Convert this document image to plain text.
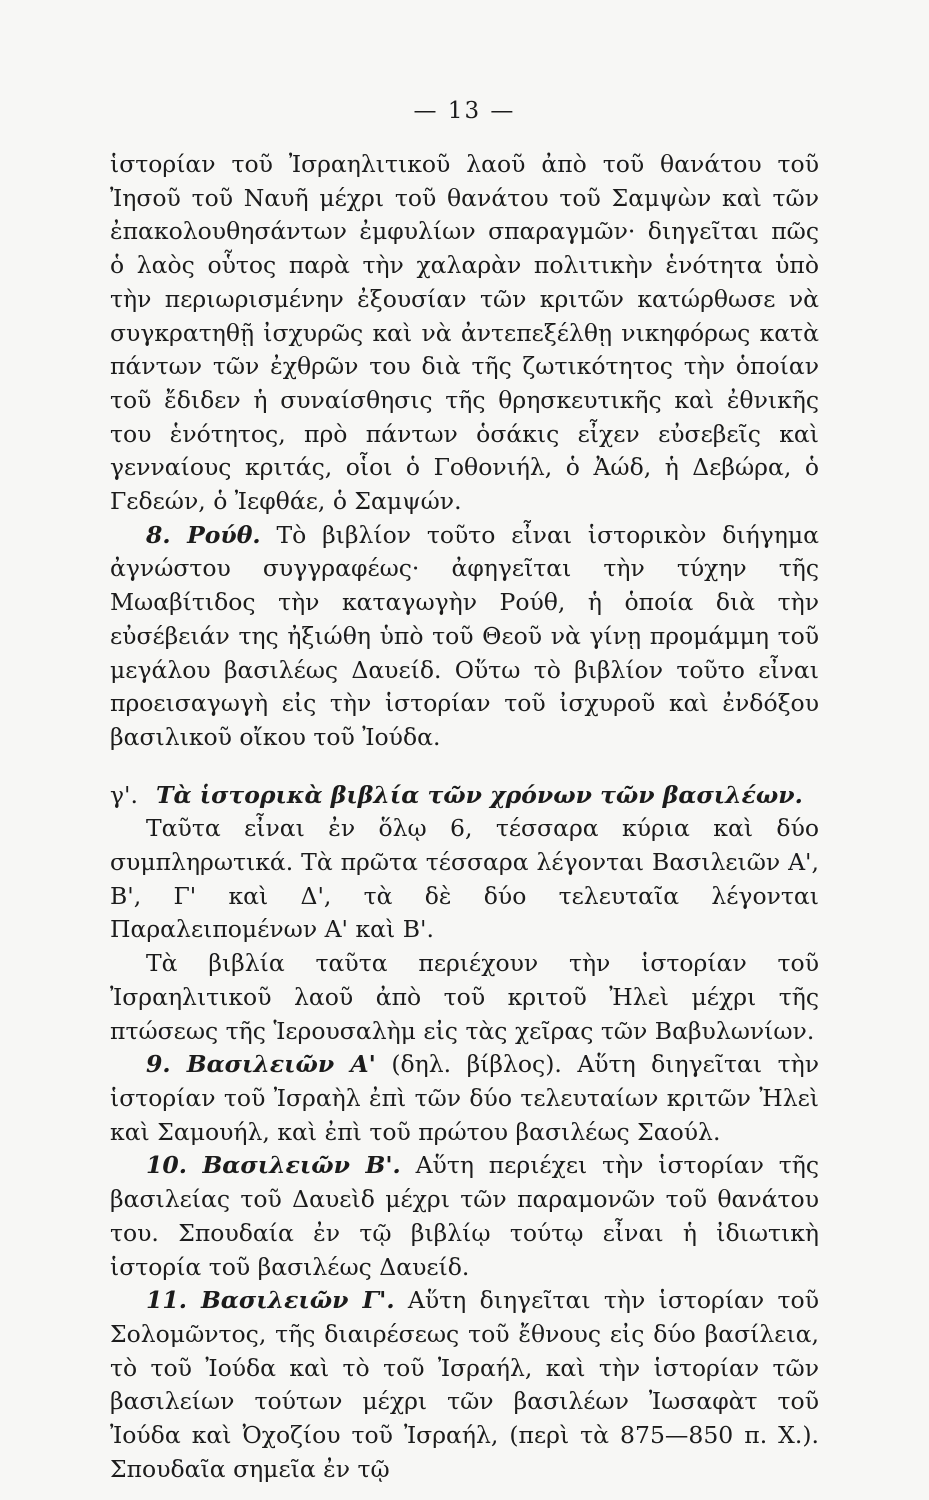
— 13 —

ἱστορίαν τοῦ Ἰσραηλιτικοῦ λαοῦ ἀπὸ τοῦ θανάτου τοῦ Ἰησοῦ τοῦ Ναυῆ μέχρι τοῦ θανάτου τοῦ Σαμψὼν καὶ τῶν ἐπακολουθησάντων ἐμφυλίων σπαραγμῶν· διηγεῖται πῶς ὁ λαὸς οὗτος παρὰ τὴν χαλαρὰν πολιτικὴν ἑνότητα ὑπὸ τὴν περιωρισμένην ἐξουσίαν τῶν κριτῶν κατώρθωσε νὰ συγκρατηθῇ ἰσχυρῶς καὶ νὰ ἀντεπεξέλθῃ νικηφόρως κατὰ πάντων τῶν ἐχθρῶν του διὰ τῆς ζωτικότητος τὴν ὁποίαν τοῦ ἔδιδεν ἡ συναίσθησις τῆς θρησκευτικῆς καὶ ἐθνικῆς του ἑνότητος, πρὸ πάντων ὁσάκις εἶχεν εὐσεβεῖς καὶ γενναίους κριτάς, οἷοι ὁ Γοθονιήλ, ὁ Ἀώδ, ἡ Δεβώρα, ὁ Γεδεών, ὁ Ἰεφθάε, ὁ Σαμψών.

8. Ρούθ. Τὸ βιβλίον τοῦτο εἶναι ἱστορικὸν διήγημα ἀγνώστου συγγραφέως· ἀφηγεῖται τὴν τύχην τῆς Μωαβίτιδος τὴν καταγωγὴν Ρούθ, ἡ ὁποία διὰ τὴν εὐσέβειάν της ἠξιώθη ὑπὸ τοῦ Θεοῦ νὰ γίνῃ προμάμμη τοῦ μεγάλου βασιλέως Δαυείδ. Οὕτω τὸ βιβλίον τοῦτο εἶναι προεισαγωγὴ εἰς τὴν ἱστορίαν τοῦ ἰσχυροῦ καὶ ἐνδόξου βασιλικοῦ οἴκου τοῦ Ἰούδα.

γ'. Τὰ ἱστορικὰ βιβλία τῶν χρόνων τῶν βασιλέων.

Ταῦτα εἶναι ἐν ὅλῳ 6, τέσσαρα κύρια καὶ δύο συμπληρωτικά. Τὰ πρῶτα τέσσαρα λέγονται Βασιλειῶν Α', Β', Γ' καὶ Δ', τὰ δὲ δύο τελευταῖα λέγονται Παραλειπομένων Α' καὶ Β'.

Τὰ βιβλία ταῦτα περιέχουν τὴν ἱστορίαν τοῦ Ἰσραηλιτικοῦ λαοῦ ἀπὸ τοῦ κριτοῦ Ἠλεὶ μέχρι τῆς πτώσεως τῆς Ἱερουσαλὴμ εἰς τὰς χεῖρας τῶν Βαβυλωνίων.

9. Βασιλειῶν Α' (δηλ. βίβλος). Αὕτη διηγεῖται τὴν ἱστορίαν τοῦ Ἰσραὴλ ἐπὶ τῶν δύο τελευταίων κριτῶν Ἠλεὶ καὶ Σαμουήλ, καὶ ἐπὶ τοῦ πρώτου βασιλέως Σαούλ.

10. Βασιλειῶν Β'. Αὕτη περιέχει τὴν ἱστορίαν τῆς βασιλείας τοῦ Δαυεὶδ μέχρι τῶν παραμονῶν τοῦ θανάτου του. Σπουδαία ἐν τῷ βιβλίῳ τούτῳ εἶναι ἡ ἰδιωτικὴ ἱστορία τοῦ βασιλέως Δαυείδ.

11. Βασιλειῶν Γ'. Αὕτη διηγεῖται τὴν ἱστορίαν τοῦ Σολομῶντος, τῆς διαιρέσεως τοῦ ἔθνους εἰς δύο βασίλεια, τὸ τοῦ Ἰούδα καὶ τὸ τοῦ Ἰσραήλ, καὶ τὴν ἱστορίαν τῶν βασιλείων τούτων μέχρι τῶν βασιλέων Ἰωσαφὰτ τοῦ Ἰούδα καὶ Ὀχοζίου τοῦ Ἰσραήλ, (περὶ τὰ 875—850 π. Χ.). Σπουδαῖα σημεῖα ἐν τῷ
